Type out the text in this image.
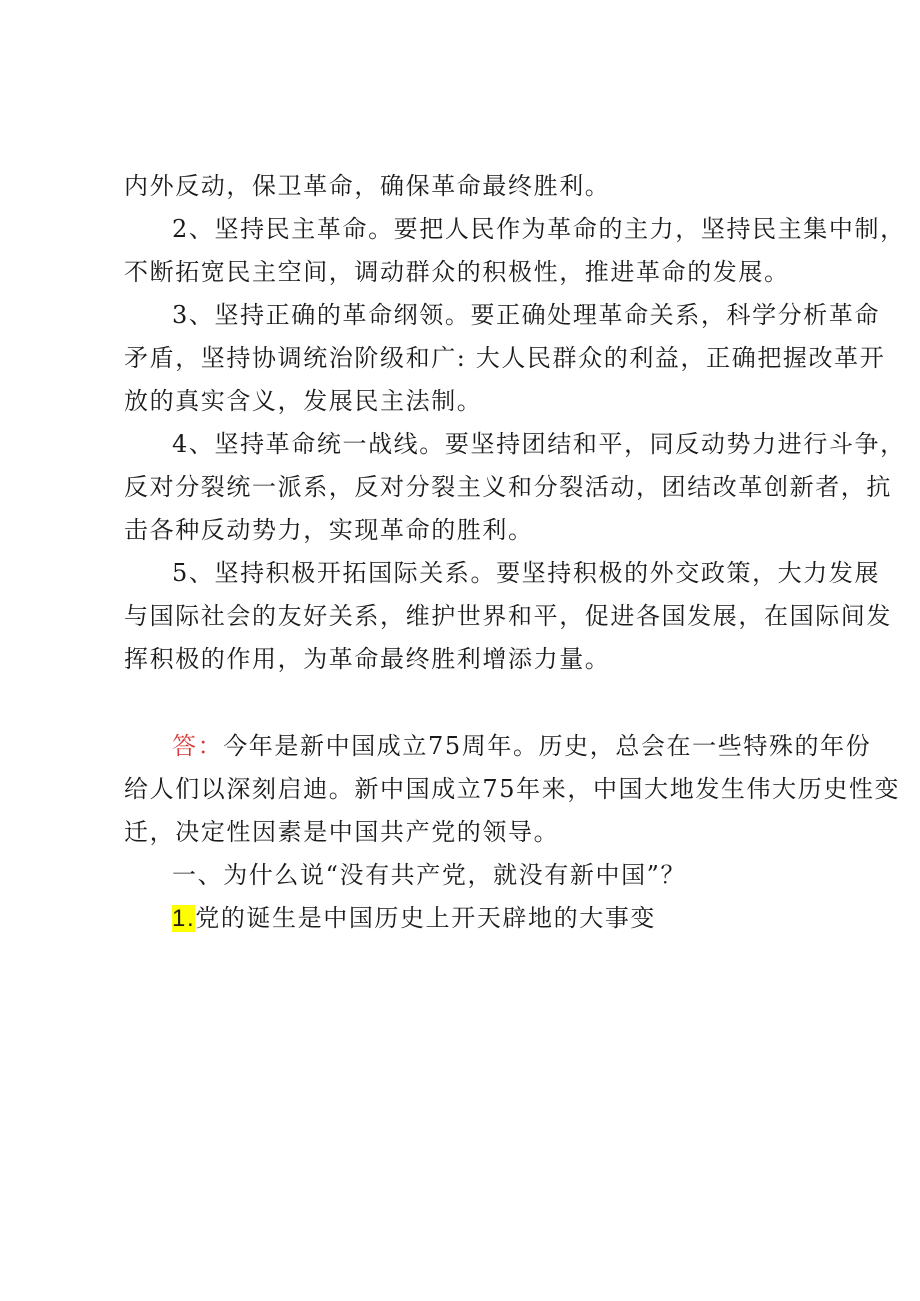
内外反动，保卫革命，确保革命最终胜利。
2、坚持民主革命。要把人民作为革命的主力，坚持民主集中制，
不断拓宽民主空间，调动群众的积极性，推进革命的发展。
3、坚持正确的革命纲领。要正确处理革命关系，科学分析革命
矛盾，坚持协调统治阶级和广: 大人民群众的利益，正确把握改革开
放的真实含义，发展民主法制。
4、坚持革命统一战线。要坚持团结和平，同反动势力进行斗争，
反对分裂统一派系，反对分裂主义和分裂活动，团结改革创新者，抗
击各种反动势力，实现革命的胜利。
5、坚持积极开拓国际关系。要坚持积极的外交政策，大力发展
与国际社会的友好关系，维护世界和平，促进各国发展，在国际间发
挥积极的作用，为革命最终胜利增添力量。
答：今年是新中国成立75周年。历史，总会在一些特殊的年份
给人们以深刻启迪。新中国成立75年来，中国大地发生伟大历史性变
迁，决定性因素是中国共产党的领导。
一、为什么说“没有共产党，就没有新中国”？
1.党的诞生是中国历史上开天辟地的大事变
